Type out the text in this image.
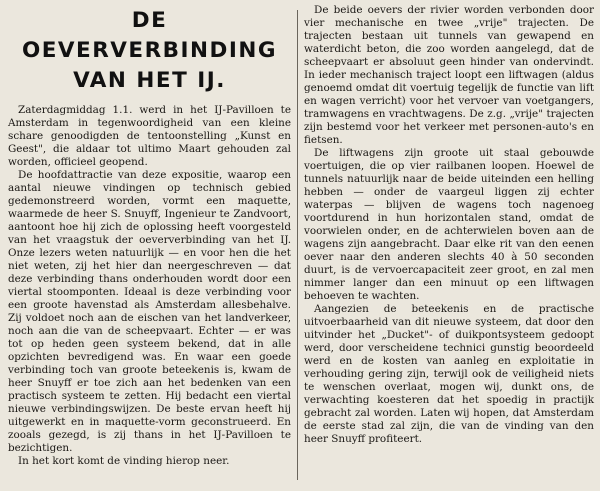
DE OEVERVERBINDING
VAN HET IJ.

Zaterdagmiddag 1.1. werd in het IJ-Pavilloen te Amsterdam in tegenwoordigheid van een kleine schare genoodigden de tentoonstelling „Kunst en Geest", die aldaar tot ultimo Maart gehouden zal worden, officieel geopend.

De hoofdattractie van deze expositie, waarop een aantal nieuwe vindingen op technisch gebied gedemonstreerd worden, vormt een maquette, waarmede de heer S. Snuyff, Ingenieur te Zandvoort, aantoont hoe hij zich de oplossing heeft voorgesteld van het vraagstuk der oeververbinding van het IJ. Onze lezers weten natuurlijk — en voor hen die het niet weten, zij het hier dan neergeschreven — dat deze verbinding thans onderhouden wordt door een viertal stoomponten. Ideaal is deze verbinding voor een groote havenstad als Amsterdam allesbehalve. Zij voldoet noch aan de eischen van het landverkeer, noch aan die van de scheepvaart. Echter — er was tot op heden geen systeem bekend, dat in alle opzichten bevredigend was. En waar een goede verbinding toch van groote beteekenis is, kwam de heer Snuyff er toe zich aan het bedenken van een practisch systeem te zetten. Hij bedacht een viertal nieuwe verbindingswijzen. De beste ervan heeft hij uitgewerkt en in maquette-vorm geconstrueerd. En zooals gezegd, is zij thans in het IJ-Pavilloen te bezichtigen.

In het kort komt de vinding hierop neer.

De beide oevers der rivier worden verbonden door vier mechanische en twee „vrije" trajecten. De trajecten bestaan uit tunnels van gewapend en waterdicht beton, die zoo worden aangelegd, dat de scheepvaart er absoluut geen hinder van ondervindt. In ieder mechanisch traject loopt een liftwagen (aldus genoemd omdat dit voertuig tegelijk de functie van lift en wagen verricht) voor het vervoer van voetgangers, tramwagens en vrachtwagens. De z.g. „vrije" trajecten zijn bestemd voor het verkeer met personen-auto's en fietsen.

De liftwagens zijn groote uit staal gebouwde voertuigen, die op vier railbanen loopen. Hoewel de tunnels natuurlijk naar de beide uiteinden een helling hebben — onder de vaargeul liggen zij echter waterpas — blijven de wagens toch nagenoeg voortdurend in hun horizontalen stand, omdat de voorwielen onder, en de achterwielen boven aan de wagens zijn aangebracht. Daar elke rit van den eenen oever naar den anderen slechts 40 à 50 seconden duurt, is de vervoercapaciteit zeer groot, en zal men nimmer langer dan een minuut op een liftwagen behoeven te wachten.

Aangezien de beteekenis en de practische uitvoerbaarheid van dit nieuwe systeem, dat door den uitvinder het „Ducket"- of duikpontsysteem gedoopt werd, door verscheidene technici gunstig beoordeeld werd en de kosten van aanleg en exploitatie in verhouding gering zijn, terwijl ook de veiligheid niets te wenschen overlaat, mogen wij, dunkt ons, de verwachting koesteren dat het spoedig in practijk gebracht zal worden. Laten wij hopen, dat Amsterdam de eerste stad zal zijn, die van de vinding van den heer Snuyff profiteert.
